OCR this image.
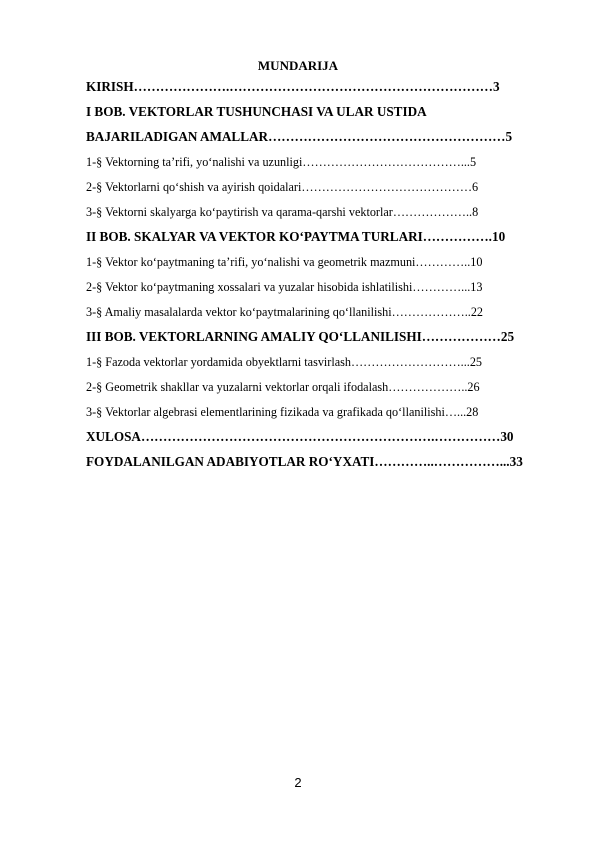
MUNDARIJA
KIRISH………………….……………………………………………………3
I BOB. VEKTORLAR TUSHUNCHASI VA ULAR USTIDA
BAJARILADIGAN AMALLAR………………………………………………5
1-§ Vektorning ta’rifi, yo‘nalishi va uzunligi…………………………………...5
2-§ Vektorlarni qo‘shish va ayirish qoidalari……………………………………6
3-§ Vektorni skalyarga ko‘paytirish va qarama-qarshi vektorlar………………..8
II BOB. SKALYAR VA VEKTOR KO‘PAYTMA TURLARI…………….10
1-§ Vektor ko‘paytmaning ta’rifi, yo‘nalishi va geometrik mazmuni…………..10
2-§ Vektor ko‘paytmaning xossalari va yuzalar hisobida ishlatilishi…………...13
3-§ Amaliy masalalarda vektor ko‘paytmalarining qo‘llanilishi………………..22
III BOB. VEKTORLARNING AMALIY QO‘LLANILISHI………………25
1-§ Fazoda vektorlar yordamida obyektlarni tasvirlash………………………...25
2-§ Geometrik shakllar va yuzalarni vektorlar orqali ifodalash………………..26
3-§ Vektorlar algebrasi elementlarining fizikada va grafikada qo‘llanilishi…...28
XULOSA………………………………………………………….……………30
FOYDALANILGAN ADABIYOTLAR RO‘YXATI…………..……………...33
2
